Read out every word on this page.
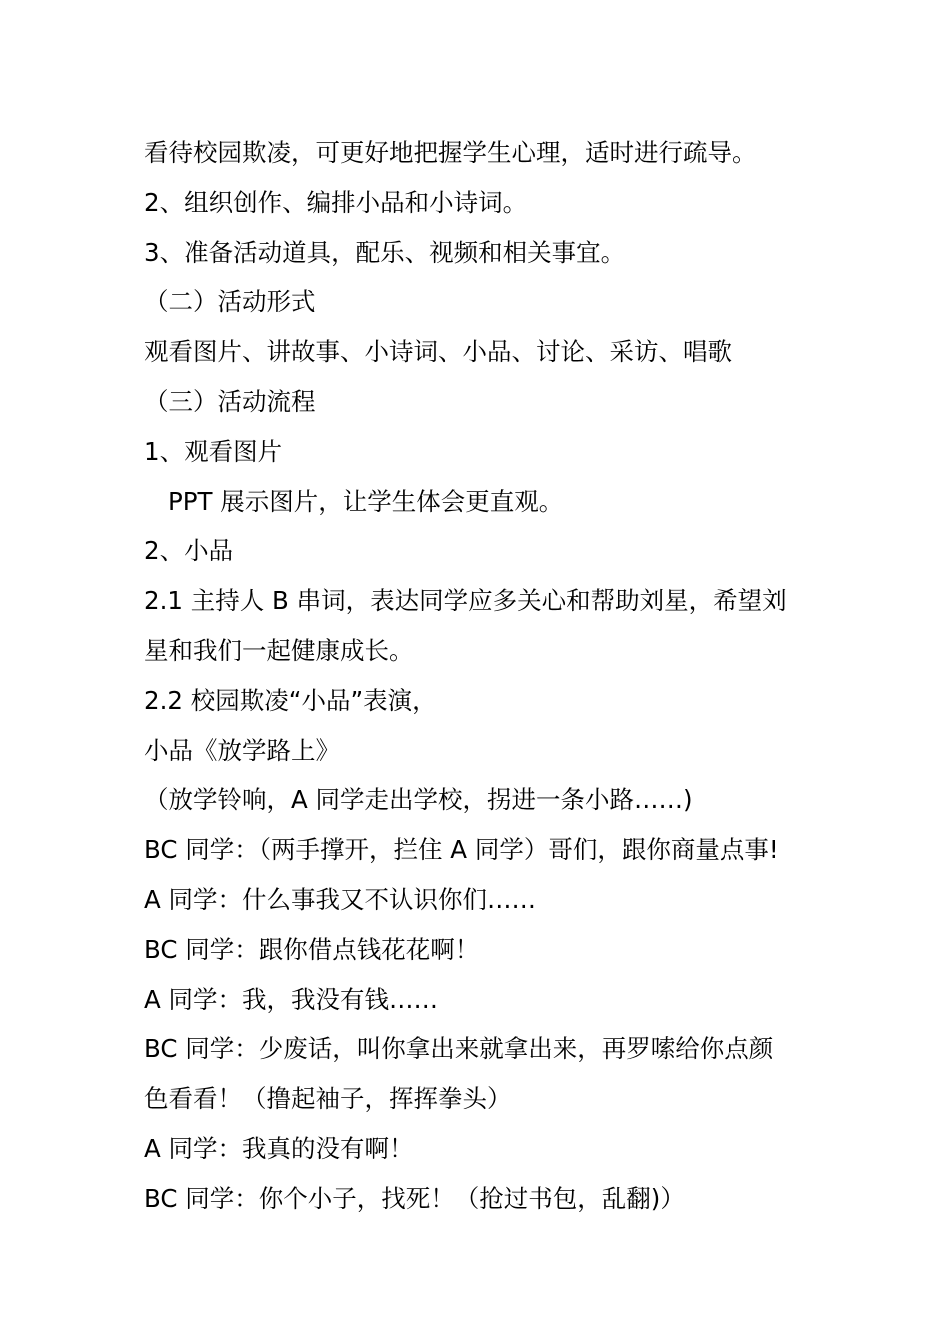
看待校园欺凌，可更好地把握学生心理，适时进行疏导。
2、组织创作、编排小品和小诗词。
3、准备活动道具，配乐、视频和相关事宜。
（二）活动形式
观看图片、讲故事、小诗词、小品、讨论、采访、唱歌
（三）活动流程
1、观看图片
PPT 展示图片，让学生体会更直观。
2、小品
2.1 主持人 B 串词，表达同学应多关心和帮助刘星，希望刘
星和我们一起健康成长。
2.2 校园欺凌“小品”表演，
小品《放学路上》
（放学铃响，A 同学走出学校，拐进一条小路……)
BC 同学：（两手撑开，拦住 A 同学）哥们，跟你商量点事!
A 同学：什么事我又不认识你们……
BC 同学：跟你借点钱花花啊！
A 同学：我，我没有钱……
BC 同学：少废话，叫你拿出来就拿出来，再罗嗦给你点颜
色看看！（撸起袖子，挥挥拳头）
A 同学：我真的没有啊！
BC 同学：你个小子，找死！（抢过书包，乱翻)）
